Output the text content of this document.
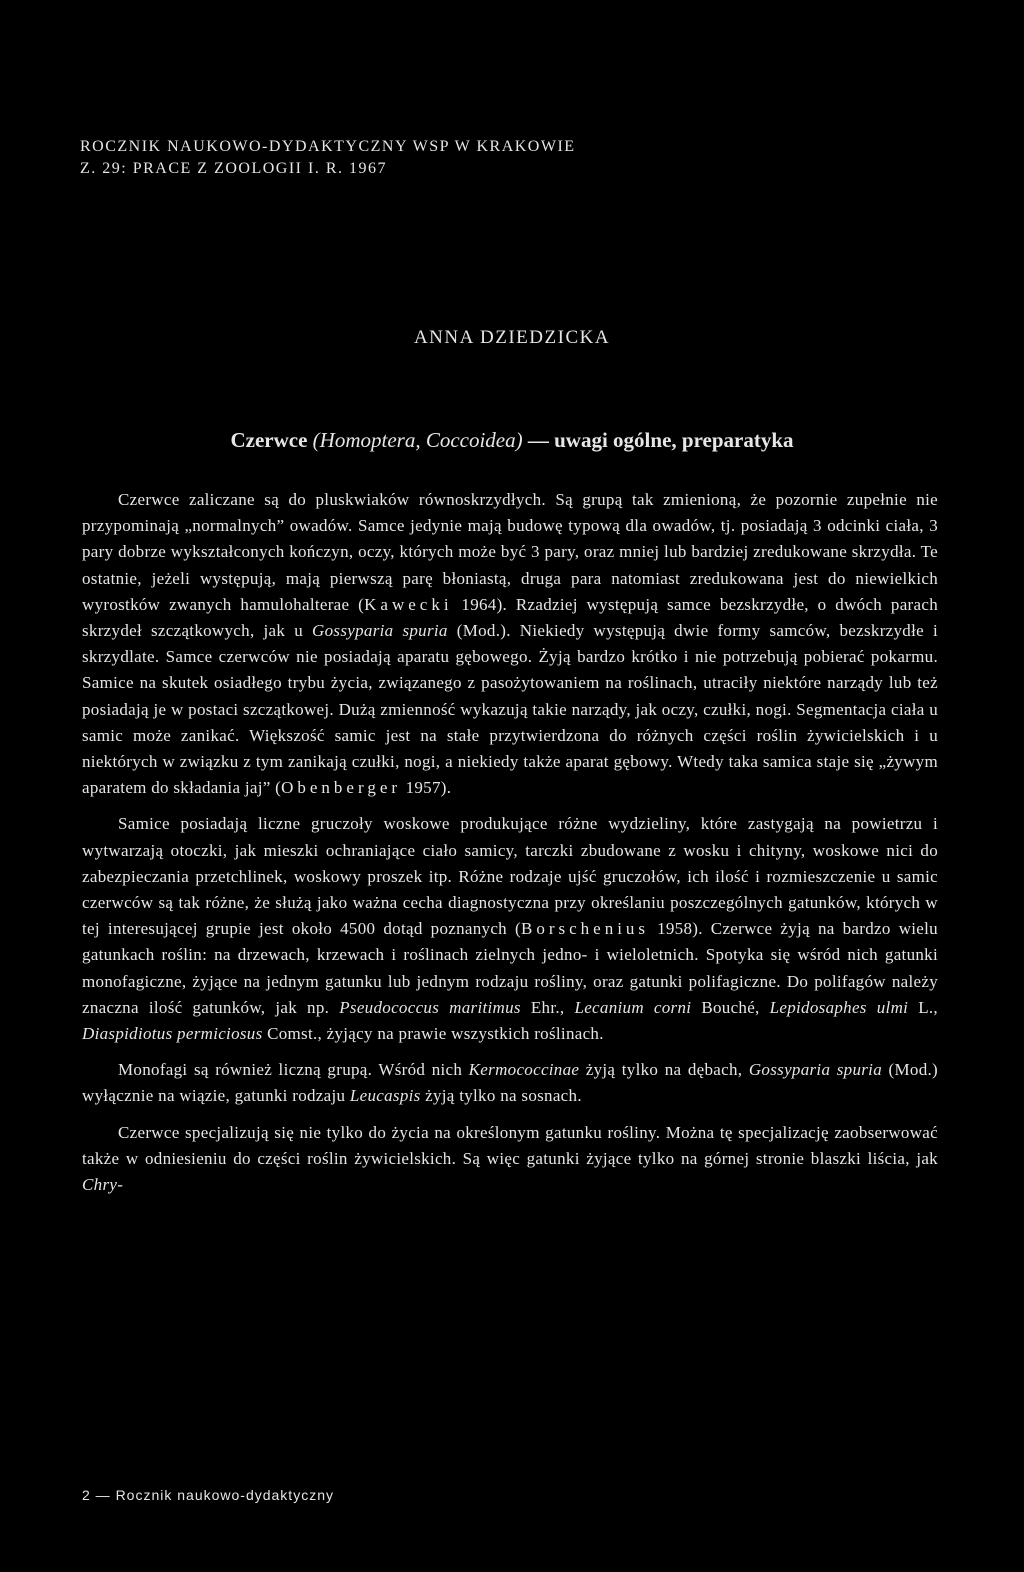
ROCZNIK NAUKOWO-DYDAKTYCZNY WSP W KRAKOWIE
Z. 29: PRACE Z ZOOLOGII I. R. 1967
ANNA DZIEDZICKA
Czerwce (Homoptera, Coccoidea) — uwagi ogólne, preparatyka

Czerwce zaliczane są do pluskwiaków równoskrzydłych. Są grupą tak zmienioną, że pozornie zupełnie nie przypominają „normalnych” owadów. Samce jedynie mają budowę typową dla owadów, tj. posiadają 3 odcinki ciała, 3 pary dobrze wykształconych kończyn, oczy, których może być 3 pary, oraz mniej lub bardziej zredukowane skrzydła. Te ostatnie, jeżeli występują, mają pierwszą parę błoniastą, druga para natomiast zredukowana jest do niewielkich wyrostków zwanych hamulohalterae (Kawecki 1964). Rzadziej występują samce bezskrzydłe, o dwóch parach skrzydeł szczątkowych, jak u Gossyparia spuria (Mod.). Niekiedy występują dwie formy samców, bezskrzydłe i skrzydlate. Samce czerwców nie posiadają aparatu gębowego. Żyją bardzo krótko i nie potrzebują pobierać pokarmu. Samice na skutek osiadłego trybu życia, związanego z pasożytowaniem na roślinach, utraciły niektóre narządy lub też posiadają je w postaci szczątkowej. Dużą zmienność wykazują takie narządy, jak oczy, czułki, nogi. Segmentacja ciała u samic może zanikać. Większość samic jest na stałe przytwierdzona do różnych części roślin żywicielskich i u niektórych w związku z tym zanikają czułki, nogi, a niekiedy także aparat gębowy. Wtedy taka samica staje się „żywym aparatem do składania jaj” (Obenberger 1957).

Samice posiadają liczne gruczoły woskowe produkujące różne wydzieliny, które zastygają na powietrzu i wytwarzają otoczki, jak mieszki ochraniające ciało samicy, tarczki zbudowane z wosku i chityny, woskowe nici do zabezpieczania przetchlinek, woskowy proszek itp. Różne rodzaje ujść gruczołów, ich ilość i rozmieszczenie u samic czerwców są tak różne, że służą jako ważna cecha diagnostyczna przy określaniu poszczególnych gatunków, których w tej interesującej grupie jest około 4500 dotąd poznanych (Borschenius 1958). Czerwce żyją na bardzo wielu gatunkach roślin: na drzewach, krzewach i roślinach zielnych jedno- i wieloletnich. Spotyka się wśród nich gatunki monofagiczne, żyjące na jednym gatunku lub jednym rodzaju rośliny, oraz gatunki polifagiczne. Do polifagów należy znaczna ilość gatunków, jak np. Pseudococcus maritimus Ehr., Lecanium corni Bouché, Lepidosaphes ulmi L., Diaspidiotus permiciosus Comst., żyjący na prawie wszystkich roślinach.

Monofagi są również liczną grupą. Wśród nich Kermococcinae żyją tylko na dębach, Gossyparia spuria (Mod.) wyłącznie na wiązie, gatunki rodzaju Leucaspis żyją tylko na sosnach.

Czerwce specjalizują się nie tylko do życia na określonym gatunku rośliny. Można tę specjalizację zaobserwować także w odniesieniu do części roślin żywicielskich. Są więc gatunki żyjące tylko na górnej stronie blaszki liścia, jak Chry-

2 — Rocznik naukowo-dydaktyczny
